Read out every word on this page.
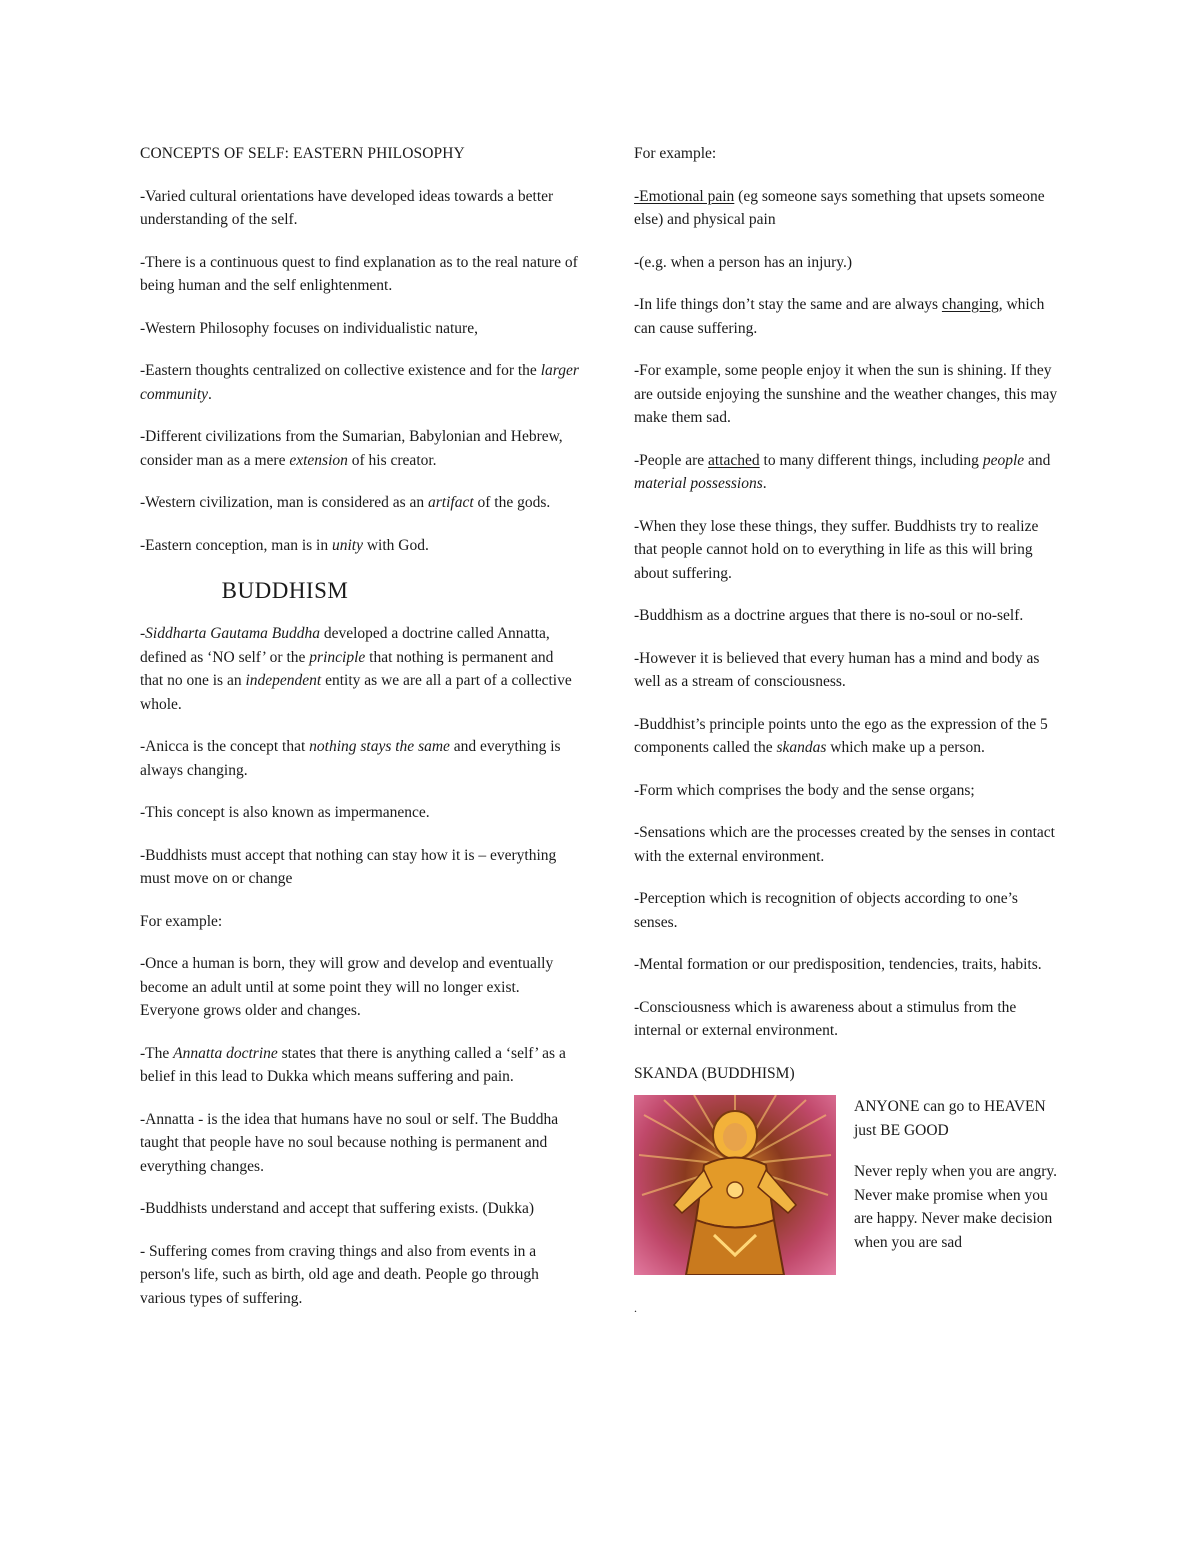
CONCEPTS OF SELF: EASTERN PHILOSOPHY

-Varied cultural orientations have developed ideas towards a better understanding of the self.

-There is a continuous quest to find explanation as to the real nature of being human and the self enlightenment.

-Western Philosophy focuses on individualistic nature,

-Eastern thoughts centralized on collective existence and for the larger community.

-Different civilizations from the Sumarian, Babylonian and Hebrew, consider man as a mere extension of his creator.

-Western civilization, man is considered as an artifact of the gods.

-Eastern conception, man is in unity with God.

BUDDHISM

-Siddharta Gautama Buddha developed a doctrine called Annatta, defined as ‘NO self’ or the principle that nothing is permanent and that no one is an independent entity as we are all a part of a collective whole.

-Anicca is the concept that nothing stays the same and everything is always changing.

-This concept is also known as impermanence.

-Buddhists must accept that nothing can stay how it is – everything must move on or change

For example:

-Once a human is born, they will grow and develop and eventually become an adult until at some point they will no longer exist. Everyone grows older and changes.

-The Annatta doctrine states that there is anything called a ‘self’ as a belief in this lead to Dukka which means suffering and pain.

-Annatta - is the idea that humans have no soul or self. The Buddha taught that people have no soul because nothing is permanent and everything changes.

-Buddhists understand and accept that suffering exists. (Dukka)

- Suffering comes from craving things and also from events in a person's life, such as birth, old age and death. People go through various types of suffering.

For example:

-Emotional pain (eg someone says something that upsets someone else) and physical pain

-(e.g. when a person has an injury.)

-In life things don’t stay the same and are always changing, which can cause suffering.

-For example, some people enjoy it when the sun is shining. If they are outside enjoying the sunshine and the weather changes, this may make them sad.

-People are attached to many different things, including people and material possessions.

-When they lose these things, they suffer. Buddhists try to realize that people cannot hold on to everything in life as this will bring about suffering.

-Buddhism as a doctrine argues that there is no-soul or no-self.

-However it is believed that every human has a mind and body as well as a stream of consciousness.

-Buddhist’s principle points unto the ego as the expression of the 5 components called the skandas which make up a person.

-Form which comprises the body and the sense organs;

-Sensations which are the processes created by the senses in contact with the external environment.

-Perception which is recognition of objects according to one’s senses.

-Mental formation or our predisposition, tendencies, traits, habits.

-Consciousness which is awareness about a stimulus from the internal or external environment.

SKANDA (BUDDHISM)

ANYONE can go to HEAVEN just BE GOOD

Never reply when you are angry. Never make promise when you are happy. Never make decision when you are sad

.
